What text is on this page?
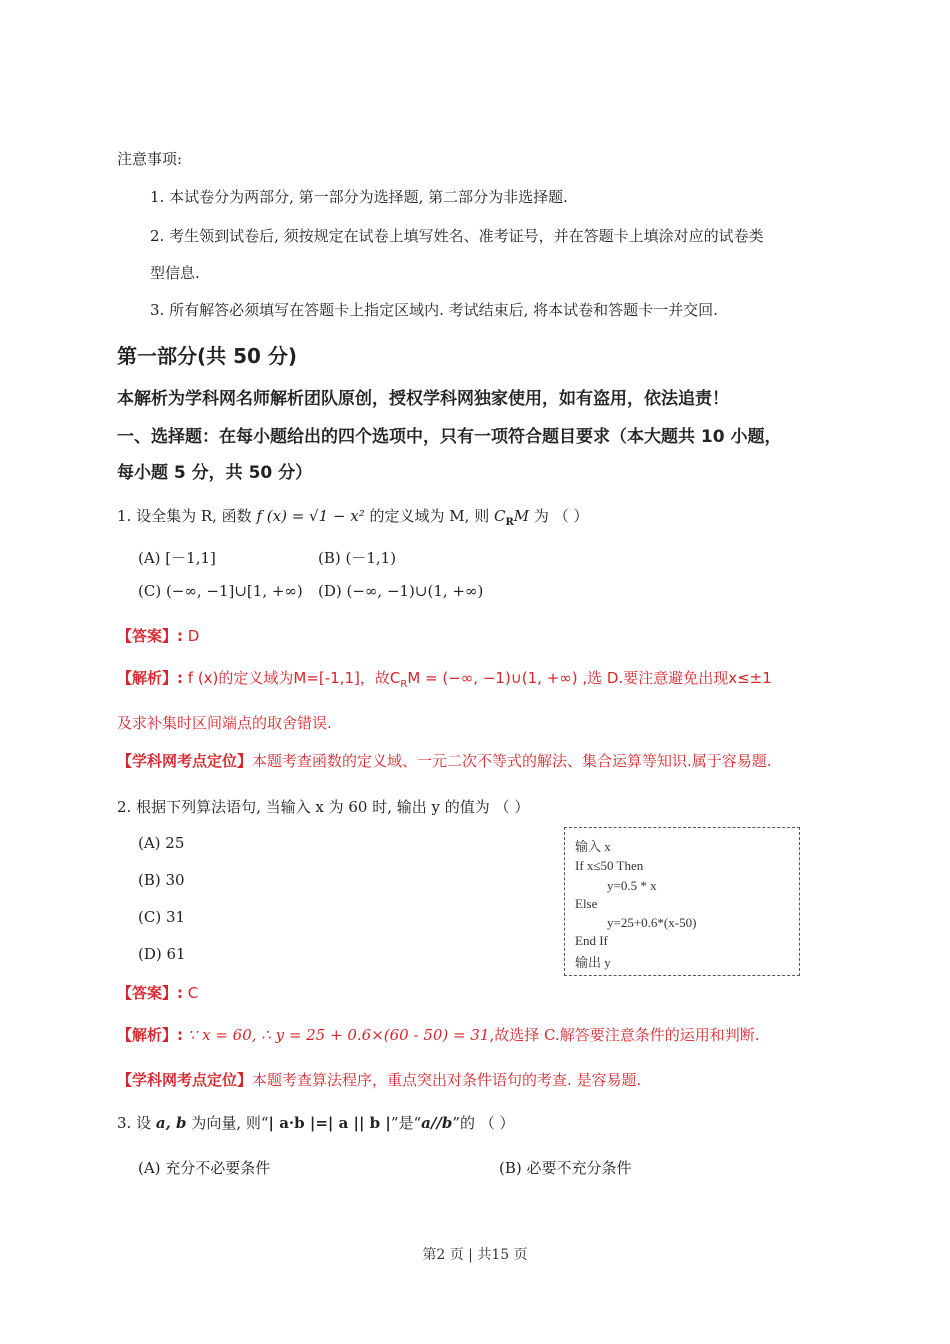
注意事项:
1. 本试卷分为两部分, 第一部分为选择题, 第二部分为非选择题.
2. 考生领到试卷后, 须按规定在试卷上填写姓名、准考证号，并在答题卡上填涂对应的试卷类
型信息.
3. 所有解答必须填写在答题卡上指定区域内. 考试结束后, 将本试卷和答题卡一并交回.
第一部分(共 50 分)
本解析为学科网名师解析团队原创，授权学科网独家使用，如有盗用，依法追责！
一、选择题：在每小题给出的四个选项中，只有一项符合题目要求（本大题共 10 小题，
每小题 5 分，共 50 分）
1. 设全集为 R, 函数 f (x) = √1 − x² 的定义域为 M, 则 $C_RM$ 为 （ ）
(A) [－1,1]	(B) (－1,1)
(C) (−∞, −1]∪[1, +∞) (D) (−∞, −1)∪(1, +∞)
【答案】: D
【解析】: f (x)的定义域为M=[-1,1]，故$C_RM$ = (−∞, −1)∪(1, +∞) ,选 D.要注意避免出现x≤±1
及求补集时区间端点的取舍错误.
【学科网考点定位】本题考查函数的定义域、一元二次不等式的解法、集合运算等知识.属于容易题.
2. 根据下列算法语句, 当输入 x 为 60 时, 输出 y 的值为 （ ）
(A) 25
(B) 30
(C) 31
(D) 61
输入 x
If x≤50 Then
y=0.5 * x
Else
y=25+0.6*(x-50)
End If
输出 y
【答案】: C
【解析】: ∵ x = 60, ∴ y = 25 + 0.6×(60 - 50) = 31,故选择 C.解答要注意条件的运用和判断.
【学科网考点定位】本题考查算法程序，重点突出对条件语句的考查. 是容易题.
3. 设 a, b 为向量, 则“| a·b |=| a || b |”是“a//b”的 （ ）
(A) 充分不必要条件	(B) 必要不充分条件
第2 页 | 共15 页
